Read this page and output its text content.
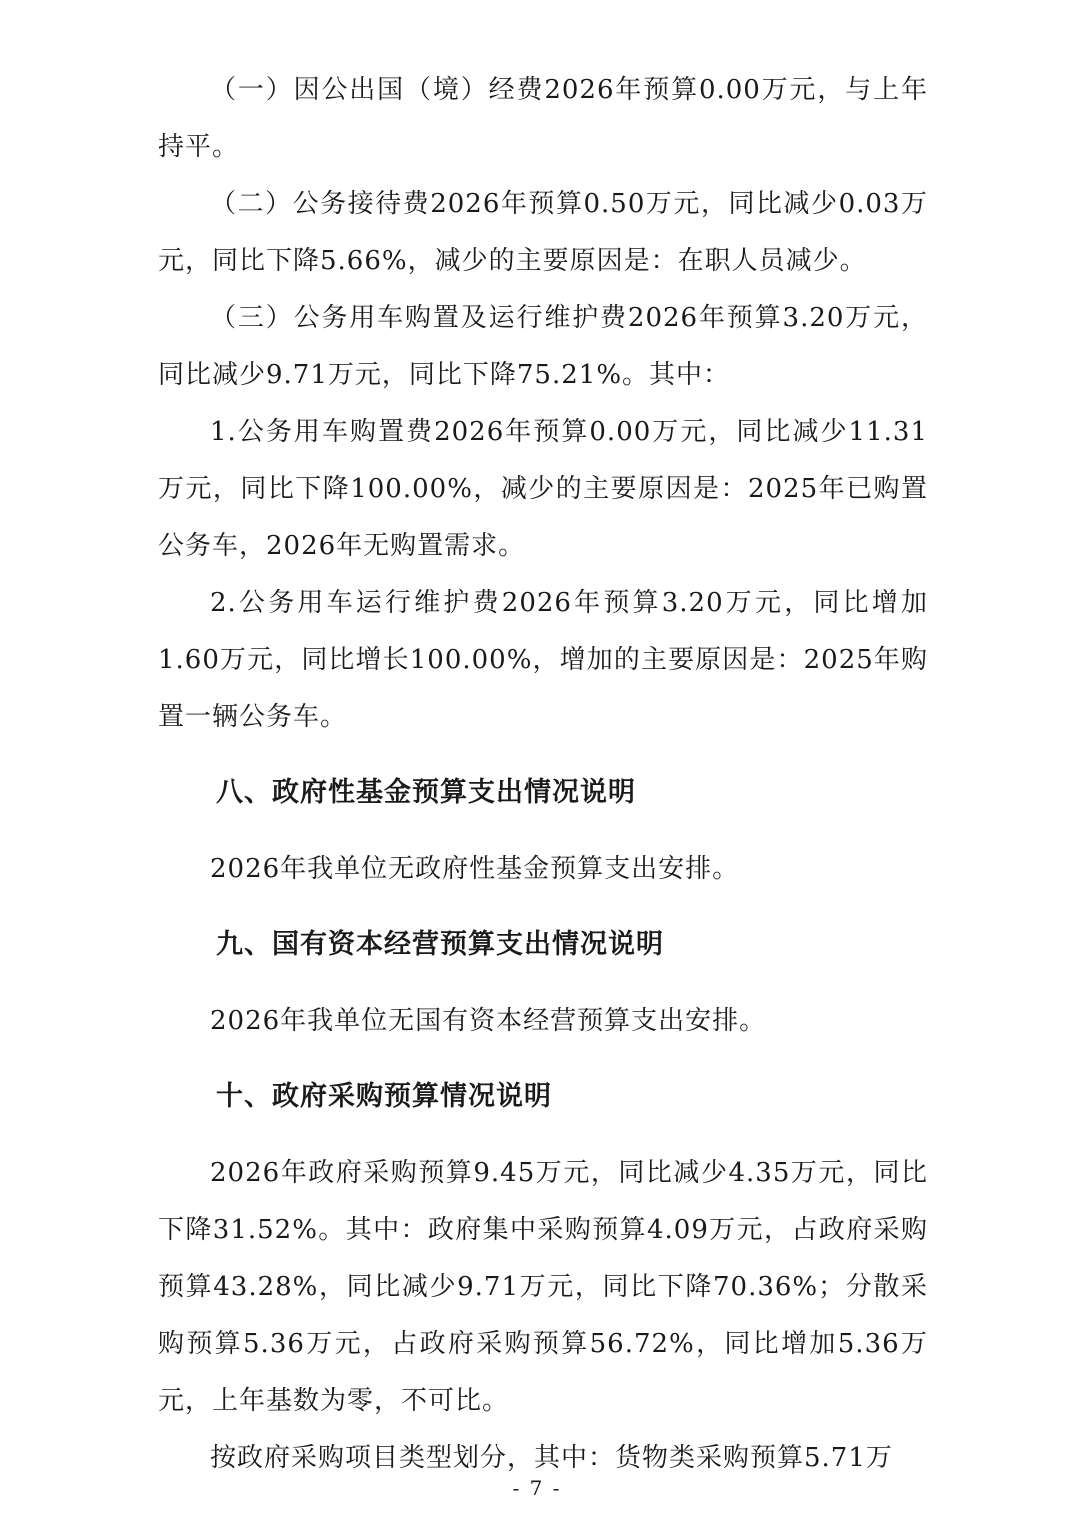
（一）因公出国（境）经费2026年预算0.00万元，与上年持平。

（二）公务接待费2026年预算0.50万元，同比减少0.03万元，同比下降5.66%，减少的主要原因是：在职人员减少。

（三）公务用车购置及运行维护费2026年预算3.20万元，同比减少9.71万元，同比下降75.21%。其中：

1.公务用车购置费2026年预算0.00万元，同比减少11.31万元，同比下降100.00%，减少的主要原因是：2025年已购置公务车，2026年无购置需求。

2.公务用车运行维护费2026年预算3.20万元，同比增加1.60万元，同比增长100.00%，增加的主要原因是：2025年购置一辆公务车。

八、政府性基金预算支出情况说明

2026年我单位无政府性基金预算支出安排。

九、国有资本经营预算支出情况说明

2026年我单位无国有资本经营预算支出安排。

十、政府采购预算情况说明

2026年政府采购预算9.45万元，同比减少4.35万元，同比下降31.52%。其中：政府集中采购预算4.09万元，占政府采购预算43.28%，同比减少9.71万元，同比下降70.36%；分散采购预算5.36万元，占政府采购预算56.72%，同比增加5.36万元，上年基数为零，不可比。

按政府采购项目类型划分，其中：货物类采购预算5.71万

- 7 -
